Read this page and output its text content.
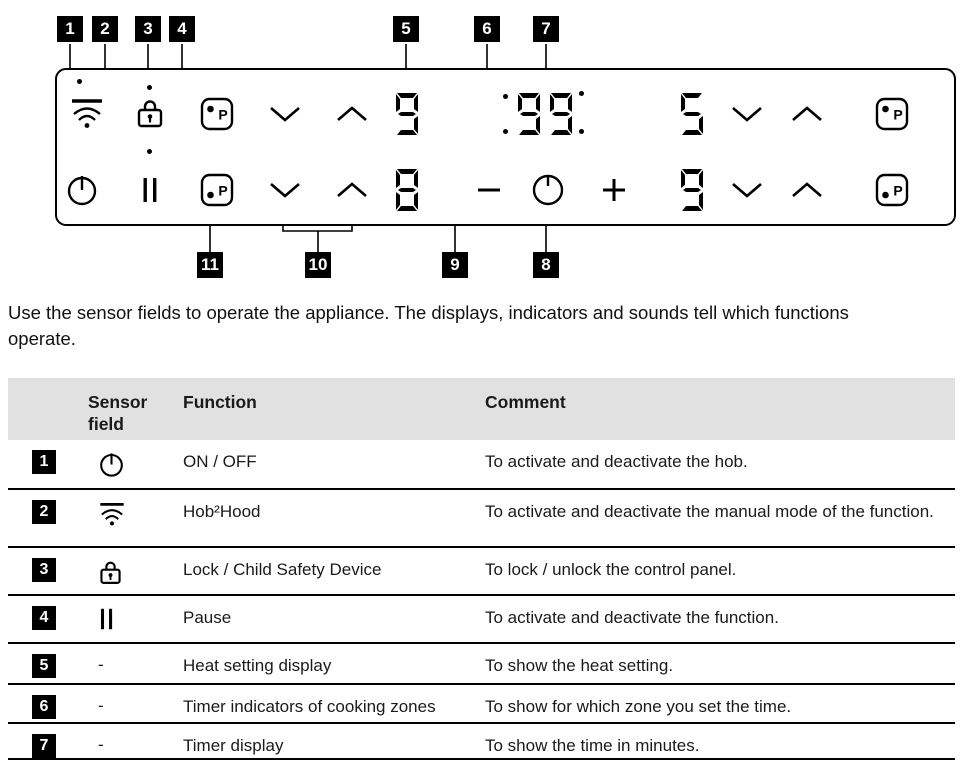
1	2	3	4	5	6	7
11	10	9	8
P	P
P	P

Use the sensor fields to operate the appliance. The displays, indicators and sounds tell which functions operate.

Sensor field
Function	Comment
1	ON / OFF	To activate and deactivate the hob.
2	Hob²Hood	To activate and deactivate the manual mode of the function.
3	Lock / Child Safety Device	To lock / unlock the control panel.
4	Pause	To activate and deactivate the function.
5	-	Heat setting display	To show the heat setting.
6	-	Timer indicators of cooking zones	To show for which zone you set the time.
7	-	Timer display	To show the time in minutes.
